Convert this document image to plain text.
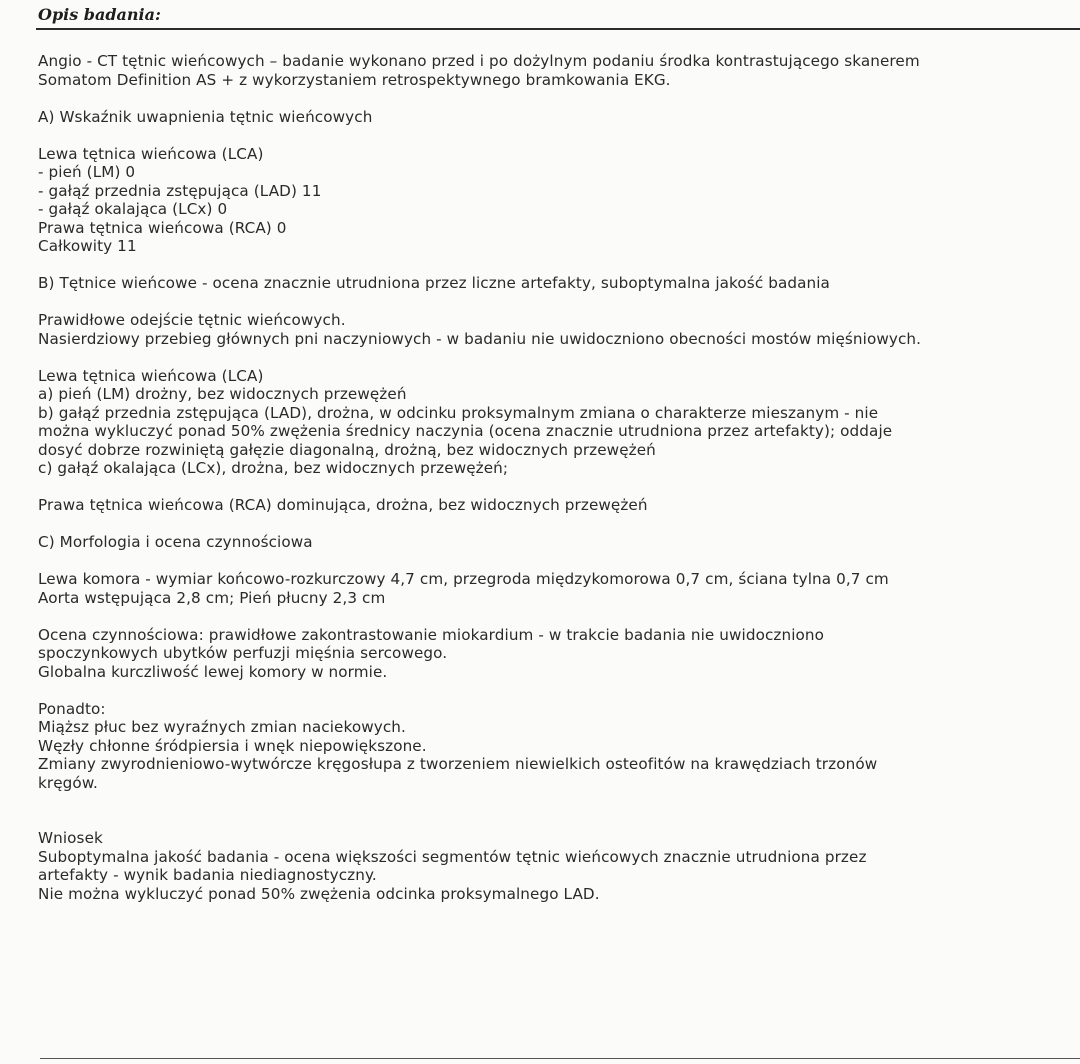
Opis badania:
Angio - CT tętnic wieńcowych – badanie wykonano przed i po dożylnym podaniu środka kontrastującego skanerem
Somatom Definition AS + z wykorzystaniem retrospektywnego bramkowania EKG.
A) Wskaźnik uwapnienia tętnic wieńcowych
Lewa tętnica wieńcowa (LCA)
- pień (LM) 0
- gałąź przednia zstępująca (LAD) 11
- gałąź okalająca (LCx) 0
Prawa tętnica wieńcowa (RCA) 0
Całkowity 11
B) Tętnice wieńcowe - ocena znacznie utrudniona przez liczne artefakty, suboptymalna jakość badania
Prawidłowe odejście tętnic wieńcowych.
Nasierdziowy przebieg głównych pni naczyniowych - w badaniu nie uwidoczniono obecności mostów mięśniowych.
Lewa tętnica wieńcowa (LCA)
a) pień (LM) drożny, bez widocznych przewężeń
b) gałąź przednia zstępująca (LAD), drożna, w odcinku proksymalnym zmiana o charakterze mieszanym - nie
można wykluczyć ponad 50% zwężenia średnicy naczynia (ocena znacznie utrudniona przez artefakty); oddaje
dosyć dobrze rozwiniętą gałęzie diagonalną, drożną, bez widocznych przewężeń
c) gałąź okalająca (LCx), drożna, bez widocznych przewężeń;
Prawa tętnica wieńcowa (RCA) dominująca, drożna, bez widocznych przewężeń
C) Morfologia i ocena czynnościowa
Lewa komora - wymiar końcowo-rozkurczowy 4,7 cm, przegroda międzykomorowa 0,7 cm, ściana tylna 0,7 cm
Aorta wstępująca 2,8 cm; Pień płucny 2,3 cm
Ocena czynnościowa: prawidłowe zakontrastowanie miokardium - w trakcie badania nie uwidoczniono
spoczynkowych ubytków perfuzji mięśnia sercowego.
Globalna kurczliwość lewej komory w normie.
Ponadto:
Miąższ płuc bez wyraźnych zmian naciekowych.
Węzły chłonne śródpiersia i wnęk niepowiększone.
Zmiany zwyrodnieniowo-wytwórcze kręgosłupa z tworzeniem niewielkich osteofitów na krawędziach trzonów
kręgów.
Wniosek
Suboptymalna jakość badania - ocena większości segmentów tętnic wieńcowych znacznie utrudniona przez
artefakty - wynik badania niediagnostyczny.
Nie można wykluczyć ponad 50% zwężenia odcinka proksymalnego LAD.
